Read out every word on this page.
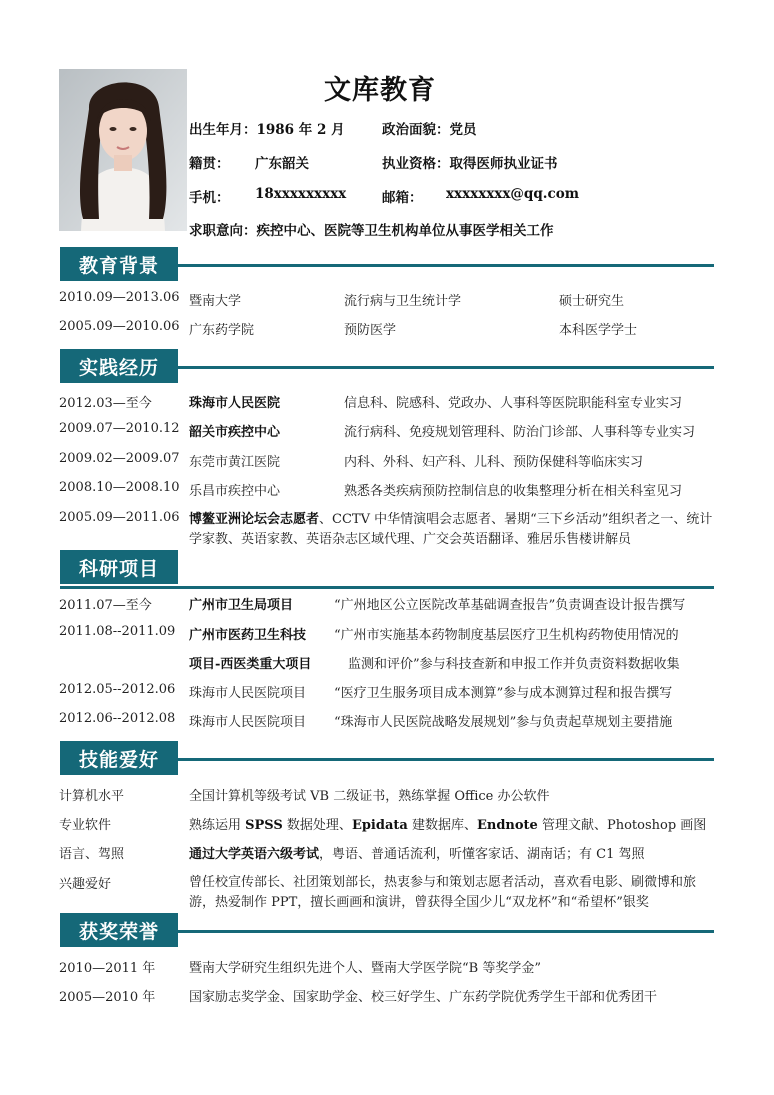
文库教育
出生年月：1986 年 2 月	政治面貌：党员
籍贯： 广东韶关	执业资格：取得医师执业证书
手机： 18xxxxxxxxx	邮箱： xxxxxxxx@qq.com
求职意向：疾控中心、医院等卫生机构单位从事医学相关工作
教育背景
2010.09—2013.06 暨南大学	流行病与卫生统计学	硕士研究生
2005.09—2010.06 广东药学院	预防医学	本科医学学士
实践经历
2012.03—至今	珠海市人民医院	信息科、院感科、党政办、人事科等医院职能科室专业实习
2009.07—2010.12 韶关市疾控中心	流行病科、免疫规划管理科、防治门诊部、人事科等专业实习
2009.02—2009.07 东莞市黄江医院	内科、外科、妇产科、儿科、预防保健科等临床实习
2008.10—2008.10 乐昌市疾控中心	熟悉各类疾病预防控制信息的收集整理分析在相关科室见习
2005.09—2011.06 博鳌亚洲论坛会志愿者、CCTV 中华情演唱会志愿者、暑期“三下乡活动”组织者之一、统计学家教、英语家教、英语杂志区域代理、广交会英语翻译、雅居乐售楼讲解员
科研项目
2011.07—至今	广州市卫生局项目	“广州地区公立医院改革基础调查报告”负责调查设计报告撰写
2011.08--2011.09 广州市医药卫生科技 “广州市实施基本药物制度基层医疗卫生机构药物使用情况的
项目-西医类重大项目	监测和评价”参与科技查新和申报工作并负责资料数据收集
2012.05--2012.06 珠海市人民医院项目 “医疗卫生服务项目成本测算”参与成本测算过程和报告撰写
2012.06--2012.08 珠海市人民医院项目 “珠海市人民医院战略发展规划”参与负责起草规划主要措施
技能爱好
计算机水平	全国计算机等级考试 VB 二级证书，熟练掌握 Office 办公软件
专业软件	熟练运用 SPSS 数据处理、Epidata 建数据库、Endnote 管理文献、Photoshop 画图
语言、驾照	通过大学英语六级考试，粤语、普通话流利，听懂客家话、湖南话；有 C1 驾照
兴趣爱好	曾任校宣传部长、社团策划部长，热衷参与和策划志愿者活动，喜欢看电影、刷微博和旅游，热爱制作 PPT，擅长画画和演讲，曾获得全国少儿“双龙杯”和“希望杯”银奖
获奖荣誉
2010—2011 年	暨南大学研究生组织先进个人、暨南大学医学院“B 等奖学金”
2005—2010 年	国家励志奖学金、国家助学金、校三好学生、广东药学院优秀学生干部和优秀团干
